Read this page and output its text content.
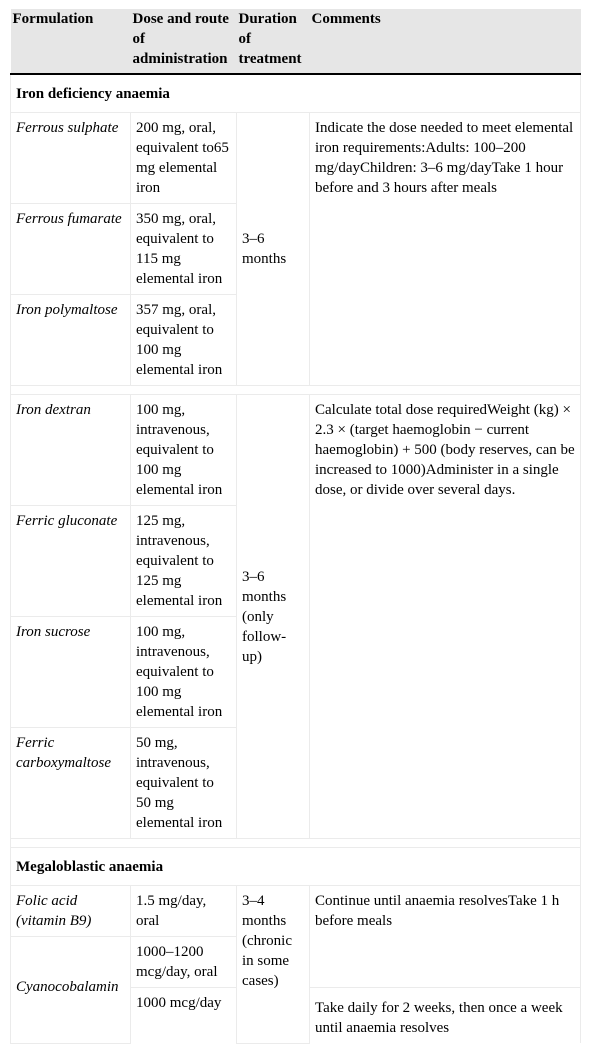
Formulation	Dose and route of administration	Duration of treatment	Comments
Iron deficiency anaemia			
Ferrous sulphate	200 mg, oral, equivalent to65 mg elemental iron	3–6 months	Indicate the dose needed to meet elemental iron requirements:Adults: 100–200 mg/dayChildren: 3–6 mg/dayTake 1 hour before and 3 hours after meals
Ferrous fumarate	350 mg, oral, equivalent to 115 mg elemental iron		
Iron polymaltose	357 mg, oral, equivalent to 100 mg elemental iron		

Iron dextran	100 mg, intravenous, equivalent to 100 mg elemental iron	3–6 months (only follow-up)	Calculate total dose requiredWeight (kg) × 2.3 × (target haemoglobin − current haemoglobin) + 500 (body reserves, can be increased to 1000)Administer in a single dose, or divide over several days.
Ferric gluconate	125 mg, intravenous, equivalent to 125 mg elemental iron		
Iron sucrose	100 mg, intravenous, equivalent to 100 mg elemental iron		
Ferric carboxymaltose	50 mg, intravenous, equivalent to 50 mg elemental iron		

Megaloblastic anaemia			
Folic acid (vitamin B9)	1.5 mg/day, oral	3–4 months (chronic in some cases)	Continue until anaemia resolvesTake 1 h before meals
Cyanocobalamin	1000–1200 mcg/day, oral		
	1000 mcg/day		Take daily for 2 weeks, then once a week until anaemia resolves
